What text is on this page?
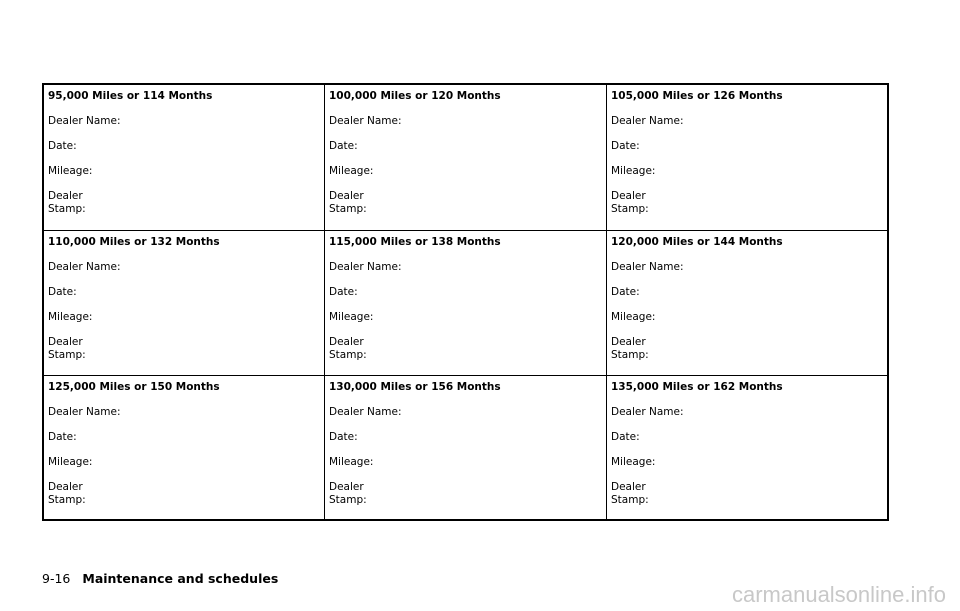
95,000 Miles or 114 Months
Dealer Name:
Date:
Mileage:
Dealer
Stamp:
100,000 Miles or 120 Months
Dealer Name:
Date:
Mileage:
Dealer
Stamp:
105,000 Miles or 126 Months
Dealer Name:
Date:
Mileage:
Dealer
Stamp:
110,000 Miles or 132 Months
Dealer Name:
Date:
Mileage:
Dealer
Stamp:
115,000 Miles or 138 Months
Dealer Name:
Date:
Mileage:
Dealer
Stamp:
120,000 Miles or 144 Months
Dealer Name:
Date:
Mileage:
Dealer
Stamp:
125,000 Miles or 150 Months
Dealer Name:
Date:
Mileage:
Dealer
Stamp:
130,000 Miles or 156 Months
Dealer Name:
Date:
Mileage:
Dealer
Stamp:
135,000 Miles or 162 Months
Dealer Name:
Date:
Mileage:
Dealer
Stamp:
9-16 Maintenance and schedules
carmanualsonline.info
